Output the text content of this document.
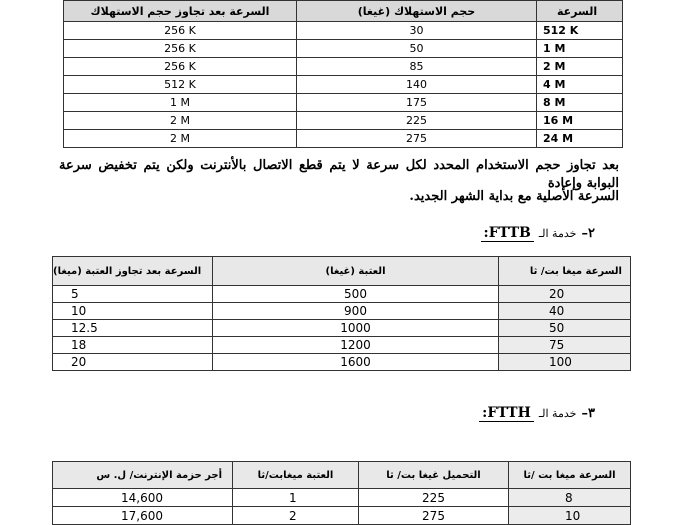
السرعة بعد تجاوز حجم الاستهلاك	حجم الاستهلاك (غيغا)	السرعة
256 K	30	512 K
256 K	50	1 M
256 K	85	2 M
512 K	140	4 M
1 M	175	8 M
2 M	225	16 M
2 M	275	24 M
بعد تجاوز حجم الاستخدام المحدد لكل سرعة لا يتم قطع الاتصال بالأنترنت ولكن يتم تخفيض سرعة البوابة وإعادة
السرعة الأصلية مع بداية الشهر الجديد.
٢– خدمة الـ FTTB:
السرعة بعد تجاوز العتبة (ميغا)	العتبة (غيغا)	السرعة ميغا بت/ ثا
5	500	20
10	900	40
12.5	1000	50
18	1200	75
20	1600	100
٣– خدمة الـ FTTH:
أجر حزمة الإنترنت/ ل. س	العتبة ميغابت/ثا	التحميل غيغا بت/ ثا	السرعة ميغا بت /ثا
14,600	1	225	8
17,600	2	275	10
